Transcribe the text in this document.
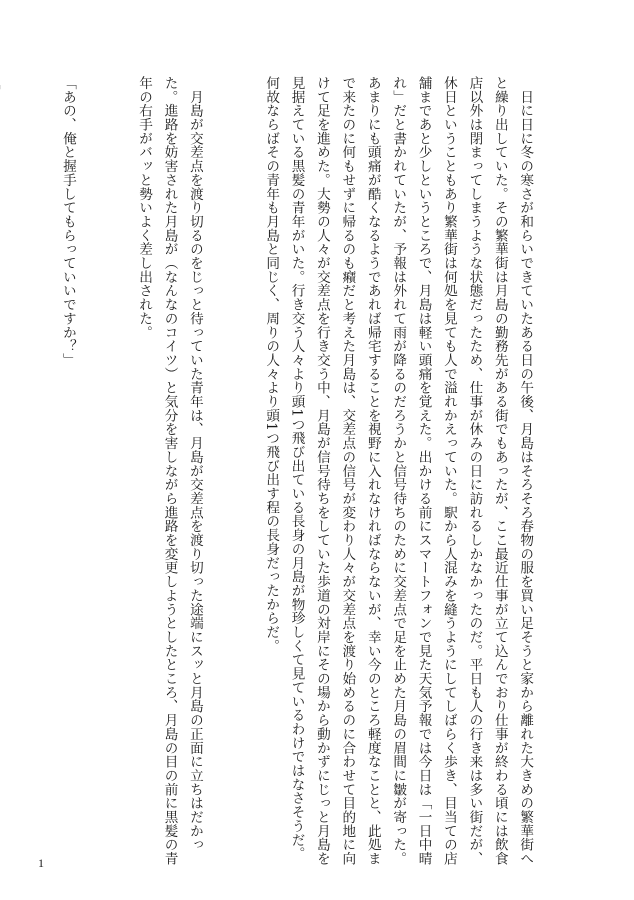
　日に日に冬の寒さが和らいできていたある日の午後、月島はそろそろ春物の服を買い足そうと家から離れた大きめの繁華街へと繰り出していた。その繁華街は月島の勤務先がある街でもあったが、ここ最近仕事が立て込んでおり仕事が終わる頃には飲食店以外は閉まってしまうような状態だったため、仕事が休みの日に訪れるしかなかったのだ。平日も人の行き来は多い街だが、休日ということもあり繁華街は何処を見ても人で溢れかえっていた。駅から人混みを縫うようにしてしばらく歩き、目当ての店舗まであと少しというところで、月島は軽い頭痛を覚えた。出かける前にスマートフォンで見た天気予報では今日は「一日中晴れ」だと書かれていたが、予報は外れて雨が降るのだろうかと信号待ちのために交差点で足を止めた月島の眉間に皺が寄った。あまりにも頭痛が酷くなるようであれば帰宅することを視野に入れなければならないが、幸い今のところ軽度なことと、此処まで来たのに何もせずに帰るのも癪だと考えた月島は、交差点の信号が変わり人々が交差点を渡り始めるのに合わせて目的地に向けて足を進めた。大勢の人々が交差点を行き交う中、月島が信号待ちをしていた歩道の対岸にその場から動かずにじっと月島を見据えている黒髪の青年がいた。行き交う人々より頭1つ飛び出ている長身の月島が物珍しくて見ているわけではなさそうだ。何故ならばその青年も月島と同じく、周りの人々より頭1つ飛び出す程の長身だったからだ。

　月島が交差点を渡り切るのをじっと待っていた青年は、月島が交差点を渡り切った途端にスッと月島の正面に立ちはだかった。進路を妨害された月島が（なんなのコイツ）と気分を害しながら進路を変更しようとしたところ、月島の目の前に黒髪の青年の右手がバッと勢いよく差し出された。

「あの、俺と握手してもらっていいですか？」

1
